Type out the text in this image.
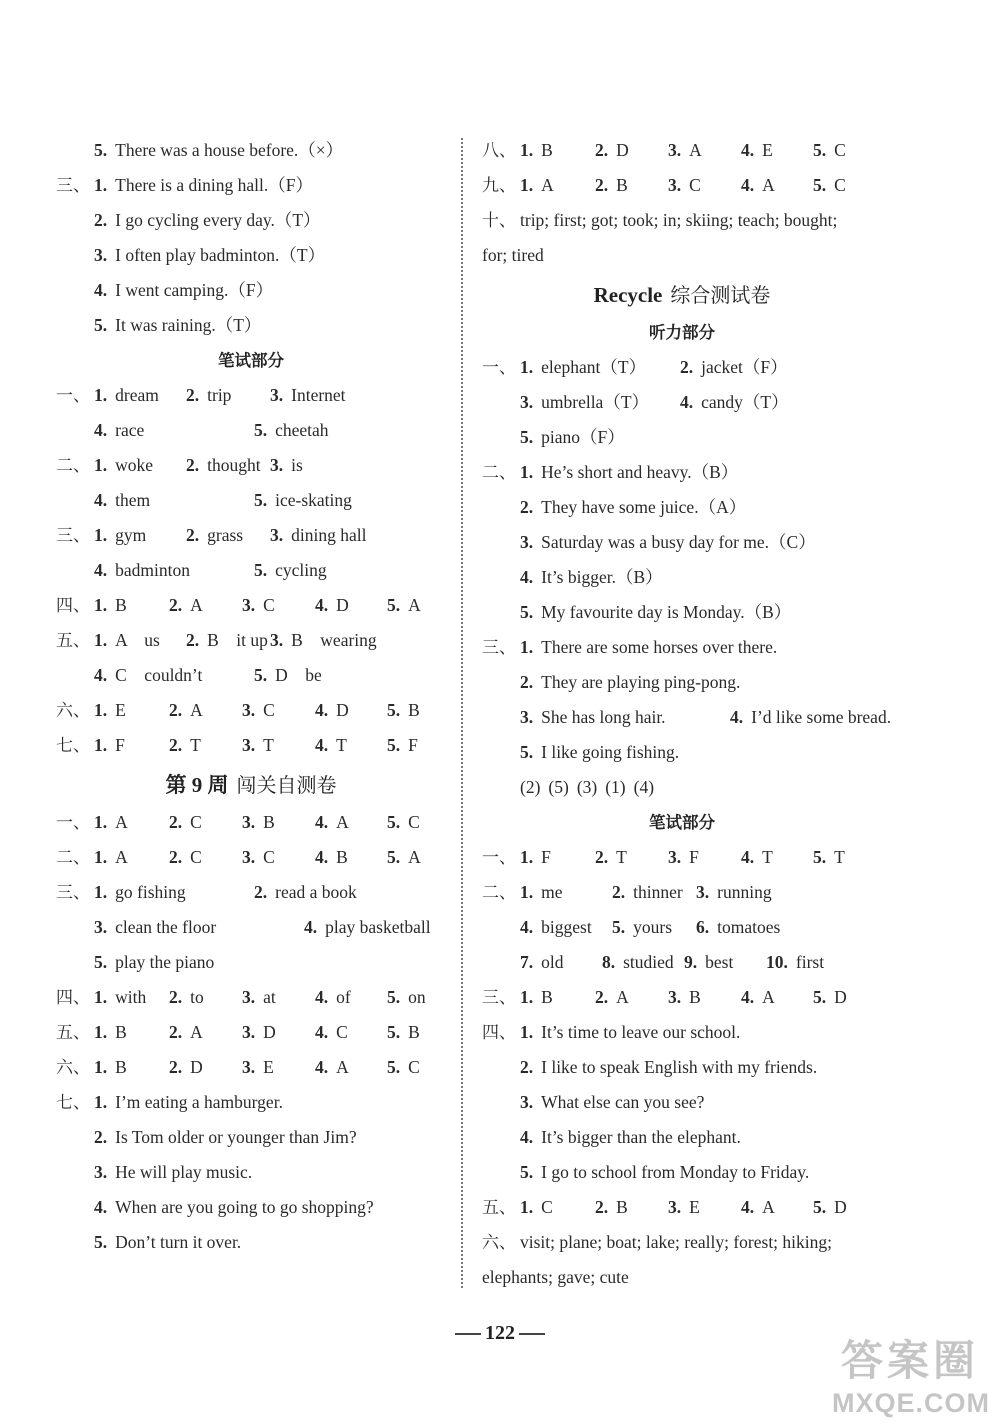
5. There was a house before.（×）
三、 1. There is a dining hall.（F）
2. I go cycling every day.（T）
3. I often play badminton.（T）
4. I went camping.（F）
5. It was raining.（T）
笔试部分
一、 1. dream 2. trip 3. Internet
4. race	5. cheetah
二、 1. woke 2. thought 3. is
4. them	5. ice-skating
三、 1. gym 2. grass 3. dining hall
4. badminton	5. cycling
四、 1. B 2. A 3. C 4. D 5. A
五、 1. A　us 2. B　it up 3. B　wearing
4. C　couldn’t	5. D　be
六、 1. E 2. A 3. C 4. D 5. B
七、 1. F	2. T 3. T 4. T 5. F
第 9 周 闯关自测卷
一、 1. A 2. C 3. B 4. A 5. C
二、 1. A 2. C 3. C 4. B 5. A
三、 1. go fishing	2. read a book
3. clean the floor	4. play basketball
5. play the piano
四、 1. with 2. to 3. at 4. of 5. on
五、 1. B 2. A 3. D 4. C 5. B
六、 1. B 2. D 3. E 4. A 5. C
七、 1. I’m eating a hamburger.
2. Is Tom older or younger than Jim?
3. He will play music.
4. When are you going to go shopping?
5. Don’t turn it over.
八、 1. B 2. D 3. A 4. E 5. C
九、 1. A 2. B 3. C 4. A 5. C
十、 trip; first; got; took; in; skiing; teach; bought;
for; tired
Recycle 综合测试卷
听力部分
一、 1. elephant（T） 2. jacket（F）
3. umbrella（T） 4. candy（T）
5. piano（F）
二、 1. He’s short and heavy.（B）
2. They have some juice.（A）
3. Saturday was a busy day for me.（C）
4. It’s bigger.（B）
5. My favourite day is Monday.（B）
三、 1. There are some horses over there.
2. They are playing ping-pong.
3. She has long hair.	4. I’d like some bread.
5. I like going fishing.
(2) (5) (3) (1) (4)
笔试部分
一、 1. F	2. T 3. F 4. T 5. T
二、 1. me	2. thinner 3. running
4. biggest 5. yours 6. tomatoes
7. old 8. studied 9. best 10. first
三、 1. B 2. A 3. B 4. A 5. D
四、 1. It’s time to leave our school.
2. I like to speak English with my friends.
3. What else can you see?
4. It’s bigger than the elephant.
5. I go to school from Monday to Friday.
五、 1. C 2. B 3. E 4. A 5. D
六、 visit; plane; boat; lake; really; forest; hiking;
elephants; gave; cute
122
答案圈
MXQE.COM
